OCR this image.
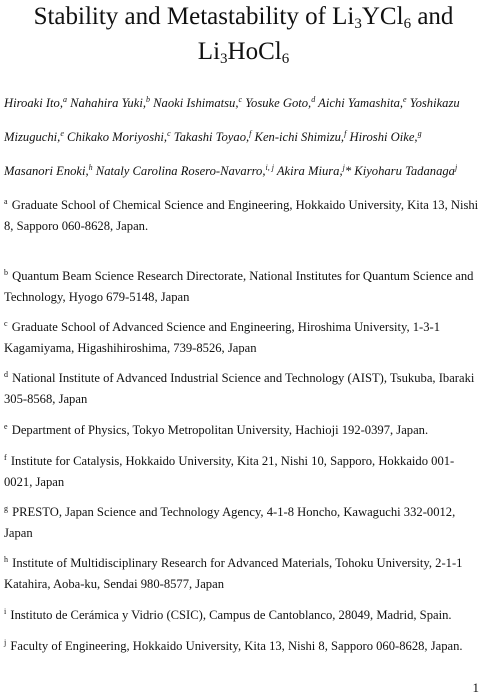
Stability and Metastability of $Li_3YCl_6$ and
$Li_3HoCl_6$
Hiroaki Ito,$^a$ Nahahira Yuki,$^b$ Naoki Ishimatsu,$^c$ Yosuke Goto,$^d$ Aichi Yamashita,$^e$ Yoshikazu
Mizuguchi,$^e$ Chikako Moriyoshi,$^c$ Takashi Toyao,$^f$ Ken-ichi Shimizu,$^f$ Hiroshi Oike,$^g$
Masanori Enoki,$^h$ Nataly Carolina Rosero-Navarro,$^{i, j}$ Akira Miura,$^j$* Kiyoharu Tadanaga$^j$
$^a$ Graduate School of Chemical Science and Engineering, Hokkaido University, Kita 13, Nishi 8, Sapporo 060-8628, Japan.
$^b$ Quantum Beam Science Research Directorate, National Institutes for Quantum Science and Technology, Hyogo 679-5148, Japan
$^c$ Graduate School of Advanced Science and Engineering, Hiroshima University, 1-3-1 Kagamiyama, Higashihiroshima, 739-8526, Japan
$^d$ National Institute of Advanced Industrial Science and Technology (AIST), Tsukuba, Ibaraki 305-8568, Japan
$^e$ Department of Physics, Tokyo Metropolitan University, Hachioji 192-0397, Japan.
$^f$ Institute for Catalysis, Hokkaido University, Kita 21, Nishi 10, Sapporo, Hokkaido 001-0021, Japan
$^g$ PRESTO, Japan Science and Technology Agency, 4-1-8 Honcho, Kawaguchi 332-0012, Japan
$^h$ Institute of Multidisciplinary Research for Advanced Materials, Tohoku University, 2-1-1 Katahira, Aoba-ku, Sendai 980-8577, Japan
$^i$ Instituto de Cerámica y Vidrio (CSIC), Campus de Cantoblanco, 28049, Madrid, Spain.
$^j$ Faculty of Engineering, Hokkaido University, Kita 13, Nishi 8, Sapporo 060-8628, Japan.
1
